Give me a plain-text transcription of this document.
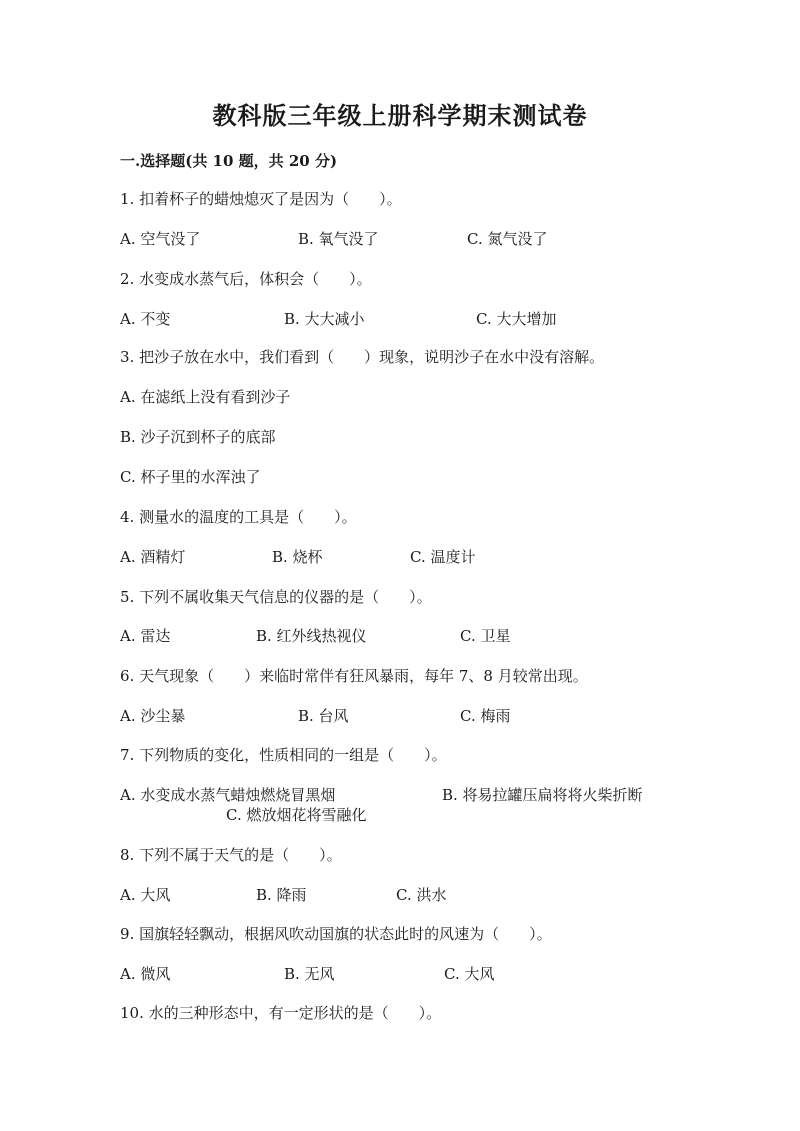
教科版三年级上册科学期末测试卷
一.选择题(共 10 题，共 20 分)
1. 扣着杯子的蜡烛熄灭了是因为（　　）。
A. 空气没了	B. 氧气没了	C. 氮气没了
2. 水变成水蒸气后，体积会（　　）。
A. 不变	B. 大大减小	C. 大大增加
3. 把沙子放在水中，我们看到（　　）现象，说明沙子在水中没有溶解。
A. 在滤纸上没有看到沙子
B. 沙子沉到杯子的底部
C. 杯子里的水浑浊了
4. 测量水的温度的工具是（　　）。
A. 酒精灯	B. 烧杯	C. 温度计
5. 下列不属收集天气信息的仪器的是（　　）。
A. 雷达	B. 红外线热视仪	C. 卫星
6. 天气现象（　　）来临时常伴有狂风暴雨，每年 7、8 月较常出现。
A. 沙尘暴	B. 台风	C. 梅雨
7. 下列物质的变化，性质相同的一组是（　　）。
A. 水变成水蒸气蜡烛燃烧冒黑烟	B. 将易拉罐压扁将将火柴折断
C. 燃放烟花将雪融化
8. 下列不属于天气的是（　　）。
A. 大风	B. 降雨	C. 洪水
9. 国旗轻轻飘动，根据风吹动国旗的状态此时的风速为（　　）。
A. 微风	B. 无风	C. 大风
10. 水的三种形态中，有一定形状的是（　　）。
